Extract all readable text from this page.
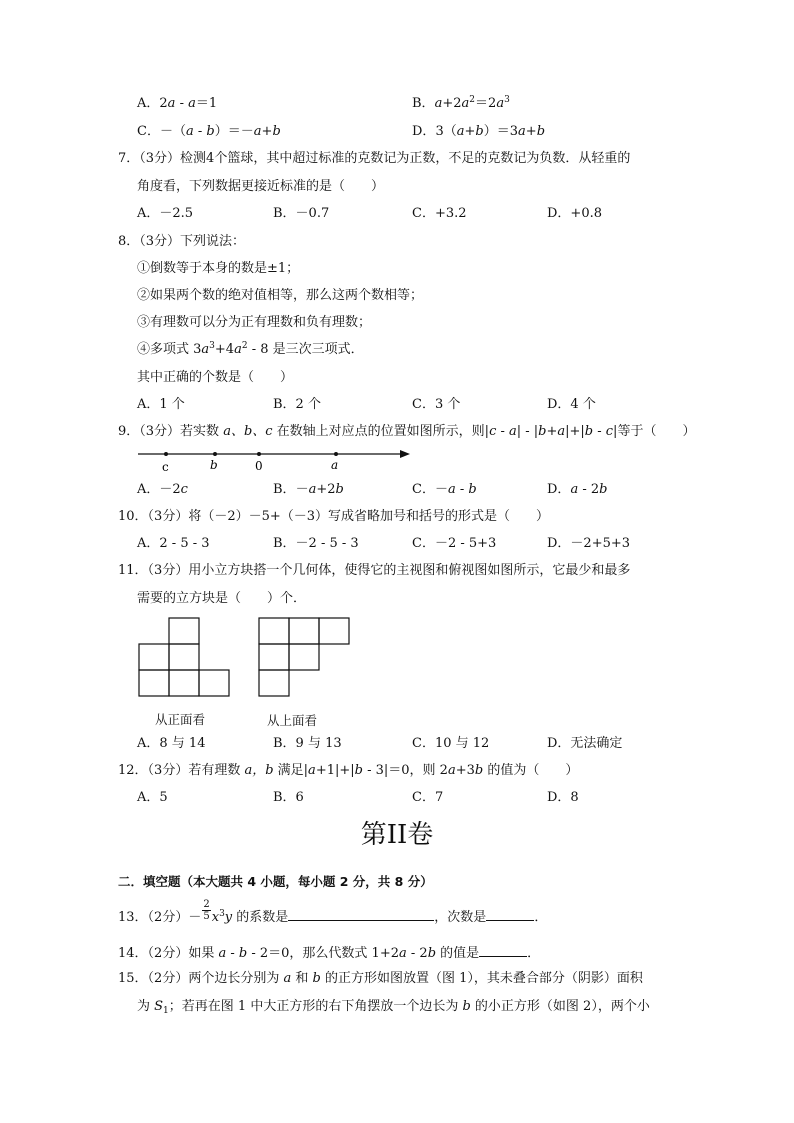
A．2a - a＝1	B．$a+2a^2=2a^3$
C．－（a - b）＝－a+b	D．3（a+b）＝3a+b
7．（3分）检测4个篮球，其中超过标准的克数记为正数，不足的克数记为负数．从轻重的
角度看，下列数据更接近标准的是（　　）
A．－2.5	B．－0.7	C．+3.2	D．+0.8
8．（3分）下列说法：
①倒数等于本身的数是±1；
②如果两个数的绝对值相等，那么这两个数相等；
③有理数可以分为正有理数和负有理数；
④多项式 $3a^3+4a^2 - 8$ 是三次三项式．
其中正确的个数是（　　）
A．1 个	B．2 个	C．3 个	D．4 个
9．（3分）若实数 a、b、c 在数轴上对应点的位置如图所示，则|c - a| - |b+a|+|b - c|等于（　　）
c	b	0	a
A．－2c	B．－a+2b	C．－a - b	D．a - 2b
10．（3分）将（－2）－5+（－3）写成省略加号和括号的形式是（　　）
A．2 - 5 - 3	B．－2 - 5 - 3	C．－2 - 5+3	D．－2+5+3
11．（3分）用小立方块搭一个几何体，使得它的主视图和俯视图如图所示，它最少和最多
需要的立方块是（　　）个．
从正面看	从上面看
A．8 与 14	B．9 与 13	C．10 与 12	D．无法确定
12．（3分）若有理数 a，b 满足|a+1|+|b - 3|＝0，则 2a+3b 的值为（　　）
A．5	B．6	C．7	D．8
第II卷
二．填空题（本大题共 4 小题，每小题 2 分，共 8 分）
13．（2分）－ $\frac{2}{5} x^3y$ 的系数是	，次数是	．
14．（2分）如果 a - b - 2＝0，那么代数式 1+2a - 2b 的值是	．
15．（2分）两个边长分别为 a 和 b 的正方形如图放置（图 1），其未叠合部分（阴影）面积
为 $S_1$；若再在图 1 中大正方形的右下角摆放一个边长为 b 的小正方形（如图 2），两个小
